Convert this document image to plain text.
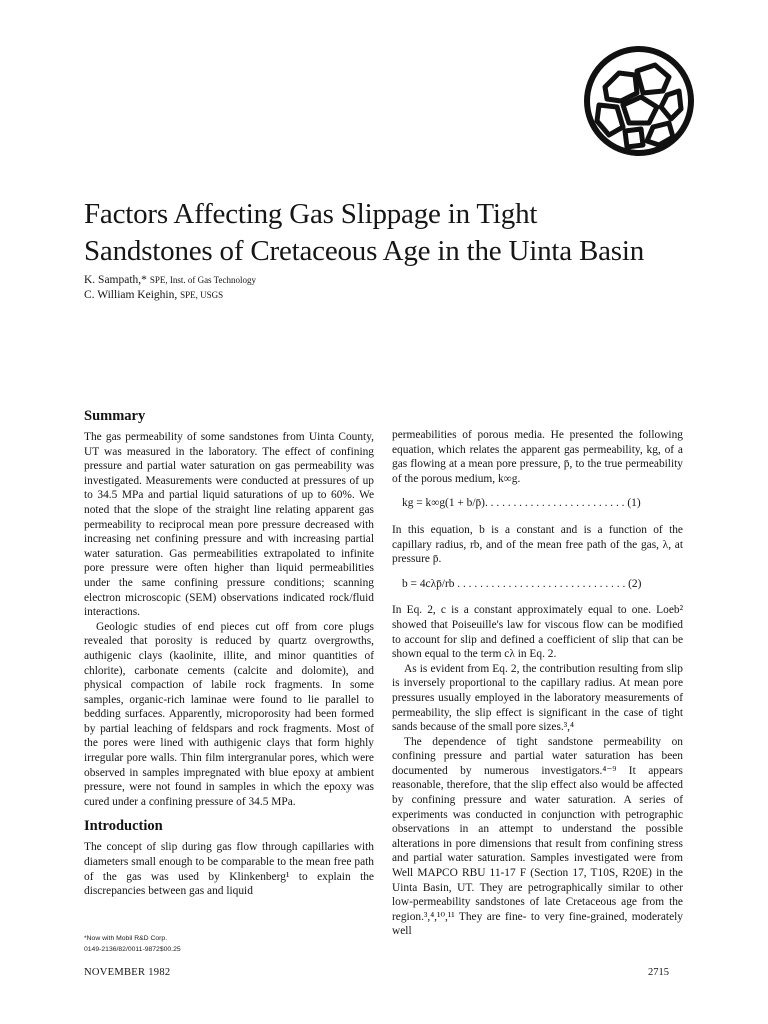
Factors Affecting Gas Slippage in Tight
Sandstones of Cretaceous Age in the Uinta Basin
K. Sampath,* SPE, Inst. of Gas Technology
C. William Keighin, SPE, USGS
Summary

The gas permeability of some sandstones from Uinta County, UT was measured in the laboratory. The effect of confining pressure and partial water saturation on gas permeability was investigated. Measurements were conducted at pressures of up to 34.5 MPa and partial liquid saturations of up to 60%. We noted that the slope of the straight line relating apparent gas permeability to reciprocal mean pore pressure decreased with increasing net confining pressure and with increasing partial water saturation. Gas permeabilities extrapolated to infinite pore pressure were often higher than liquid permeabilities under the same confining pressure conditions; scanning electron microscopic (SEM) observations indicated rock/fluid interactions.

Geologic studies of end pieces cut off from core plugs revealed that porosity is reduced by quartz overgrowths, authigenic clays (kaolinite, illite, and minor quantities of chlorite), carbonate cements (calcite and dolomite), and physical compaction of labile rock fragments. In some samples, organic-rich laminae were found to lie parallel to bedding surfaces. Apparently, microporosity had been formed by partial leaching of feldspars and rock fragments. Most of the pores were lined with authigenic clays that form highly irregular pore walls. Thin film intergranular pores, which were observed in samples impregnated with blue epoxy at ambient pressure, were not found in samples in which the epoxy was cured under a confining pressure of 34.5 MPa.

Introduction

The concept of slip during gas flow through capillaries with diameters small enough to be comparable to the mean free path of the gas was used by Klinkenberg¹ to explain the discrepancies between gas and liquid

permeabilities of porous media. He presented the following equation, which relates the apparent gas permeability, kg, of a gas flowing at a mean pore pressure, p̄, to the true permeability of the porous medium, k∞g.

kg = k∞g(1 + b/p̄). . . . . . . . . . . . . . . . . . . . . . . . . (1)

In this equation, b is a constant and is a function of the capillary radius, rb, and of the mean free path of the gas, λ, at pressure p̄.

b = 4cλp̄/rb . . . . . . . . . . . . . . . . . . . . . . . . . . . . . . (2)

In Eq. 2, c is a constant approximately equal to one. Loeb² showed that Poiseuille's law for viscous flow can be modified to account for slip and defined a coefficient of slip that can be shown equal to the term cλ in Eq. 2.

As is evident from Eq. 2, the contribution resulting from slip is inversely proportional to the capillary radius. At mean pore pressures usually employed in the laboratory measurements of permeability, the slip effect is significant in the case of tight sands because of the small pore sizes.³,⁴

The dependence of tight sandstone permeability on confining pressure and partial water saturation has been documented by numerous investigators.⁴⁻⁹ It appears reasonable, therefore, that the slip effect also would be affected by confining pressure and water saturation. A series of experiments was conducted in conjunction with petrographic observations in an attempt to understand the possible alterations in pore dimensions that result from confining stress and partial water saturation. Samples investigated were from Well MAPCO RBU 11-17 F (Section 17, T10S, R20E) in the Uinta Basin, UT. They are petrographically similar to other low-permeability sandstones of late Cretaceous age from the region.³,⁴,¹⁰,¹¹ They are fine- to very fine-grained, moderately well

*Now with Mobil R&D Corp.
0149-2136/82/0011-9872$00.25
NOVEMBER 1982	2715
